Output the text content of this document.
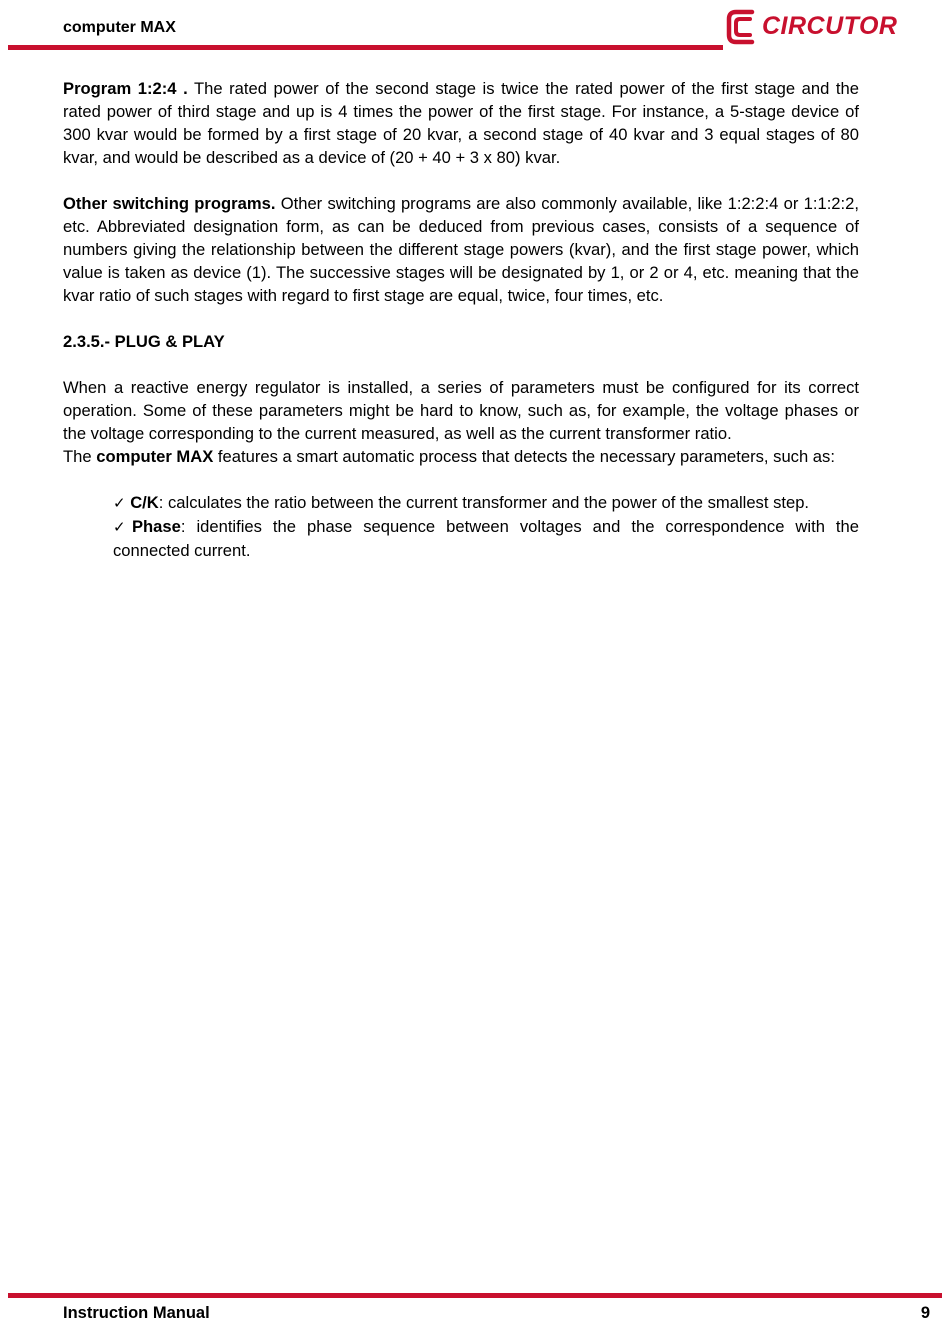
computer MAX	CIRCUTOR

Program 1:2:4 . The rated power of the second stage is twice the rated power of the first stage and the rated power of third stage and up is 4 times the power of the first stage. For instance, a 5-stage device of 300 kvar would be formed by a first stage of 20 kvar, a second stage of 40 kvar and 3 equal stages of 80 kvar, and would be described as a device of (20 + 40 + 3 x 80) kvar.

Other switching programs. Other switching programs are also commonly available, like 1:2:2:4 or 1:1:2:2, etc. Abbreviated designation form, as can be deduced from previous cases, consists of a sequence of numbers giving the relationship between the different stage powers (kvar), and the first stage power, which value is taken as device (1). The successive stages will be designated by 1, or 2 or 4, etc. meaning that the kvar ratio of such stages with regard to first stage are equal, twice, four times, etc.

2.3.5.- PLUG & PLAY

When a reactive energy regulator is installed, a series of parameters must be configured for its correct operation. Some of these parameters might be hard to know, such as, for example, the voltage phases or the voltage corresponding to the current measured, as well as the current transformer ratio.

The computer MAX features a smart automatic process that detects the necessary parameters, such as:

✓ C/K: calculates the ratio between the current transformer and the power of the smallest step.

✓Phase: identifies the phase sequence between voltages and the correspondence with the connected current.

Instruction Manual	9
